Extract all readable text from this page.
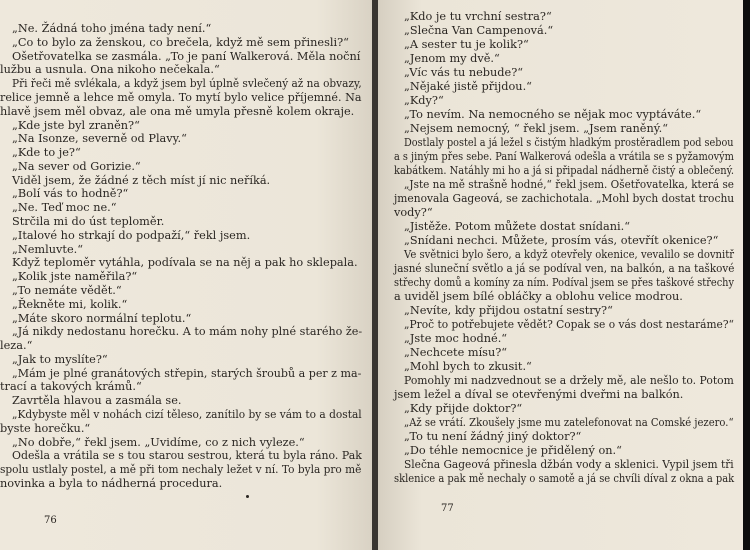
„Ne. Žádná toho jména tady není.“
„Co to bylo za ženskou, co brečela, když mě sem přinesli?“
Ošetřovatelka se zasmála. „To je paní Walkerová. Měla noční
lužbu a usnula. Ona nikoho nečekala.“
Při řeči mě svlékala, a když jsem byl úplně svlečený až na obvazy,
relice jemně a lehce mě omyla. To mytí bylo velice příjemné. Na
hlavě jsem měl obvaz, ale ona mě umyla přesně kolem okraje.
„Kde jste byl zraněn?“
„Na Isonze, severně od Plavy.“
„Kde to je?“
„Na sever od Gorizie.“
Viděl jsem, že žádné z těch míst jí nic neříká.
„Bolí vás to hodně?“
„Ne. Teď moc ne.“
Strčila mi do úst teploměr.
„Italové ho strkají do podpaží,“ řekl jsem.
„Nemluvte.“
Když teploměr vytáhla, podívala se na něj a pak ho sklepala.
„Kolik jste naměřila?“
„To nemáte vědět.“
„Řekněte mi, kolik.“
„Máte skoro normální teplotu.“
„Já nikdy nedostanu horečku. A to mám nohy plné starého že-
leza.“
„Jak to myslíte?“
„Mám je plné granátových střepin, starých šroubů a per z ma-
trací a takových krámů.“
Zavrtěla hlavou a zasmála se.
„Kdybyste měl v nohách cizí těleso, zanítilo by se vám to a dostal
byste horečku.“
„No dobře,“ řekl jsem. „Uvidíme, co z nich vyleze.“
Odešla a vrátila se s tou starou sestrou, která tu byla ráno. Pak
spolu ustlaly postel, a mě při tom nechaly ležet v ní. To byla pro mě
novinka a byla to nádherná procedura.
76
„Kdo je tu vrchní sestra?“
„Slečna Van Campenová.“
„A sester tu je kolik?“
„Jenom my dvě.“
„Víc vás tu nebude?“
„Nějaké jistě přijdou.“
„Kdy?“
„To nevím. Na nemocného se nějak moc vyptáváte.“
„Nejsem nemocný, “ řekl jsem. „Jsem raněný.“
Dostlaly postel a já ležel s čistým hladkým prostěradlem pod sebou
a s jiným přes sebe. Paní Walkerová odešla a vrátila se s pyžamovým
kabátkem. Natáhly mi ho a já si připadal nádherně čistý a oblečený.
„Jste na mě strašně hodné,“ řekl jsem. Ošetřovatelka, která se
jmenovala Gageová, se zachichotala. „Mohl bych dostat trochu
vody?“
„Jistěže. Potom můžete dostat snídani.“
„Snídani nechci. Můžete, prosím vás, otevřít okenice?“
Ve světnici bylo šero, a když otevřely okenice, vevalilo se dovnitř
jasné sluneční světlo a já se podíval ven, na balkón, a na taškové
střechy domů a komíny za ním. Podíval jsem se přes taškové střechy
a uviděl jsem bílé obláčky a oblohu velice modrou.
„Nevíte, kdy přijdou ostatní sestry?“
„Proč to potřebujete vědět? Copak se o vás dost nestaráme?“
„Jste moc hodné.“
„Nechcete mísu?“
„Mohl bych to zkusit.“
Pomohly mi nadzvednout se a držely mě, ale nešlo to. Potom
jsem ležel a díval se otevřenými dveřmi na balkón.
„Kdy přijde doktor?“
„Až se vrátí. Zkoušely jsme mu zatelefonovat na Comské jezero.“
„To tu není žádný jiný doktor?“
„Do téhle nemocnice je přidělený on.“
Slečna Gageová přinesla džbán vody a sklenici. Vypil jsem tři
sklenice a pak mě nechaly o samotě a já se chvíli díval z okna a pak
77
